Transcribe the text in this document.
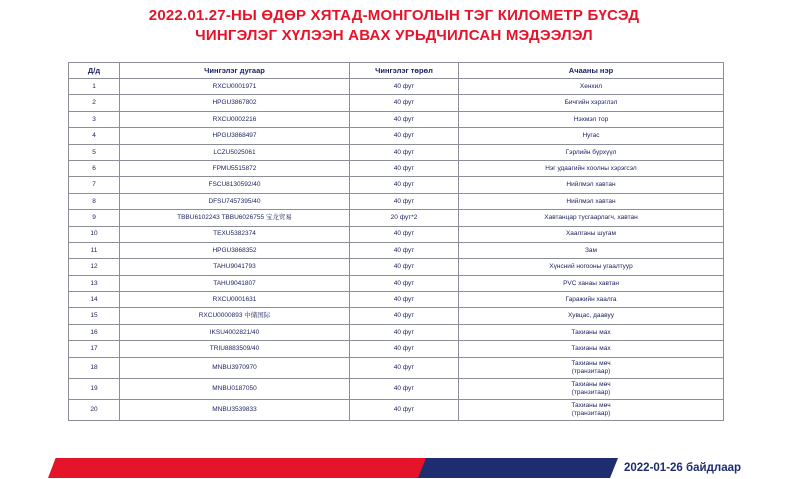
2022.01.27-НЫ ӨДӨР ХЯТАД-МОНГОЛЫН ТЭГ КИЛОМЕТР БҮСЭД
ЧИНГЭЛЭГ ХҮЛЭЭН АВАХ УРЬДЧИЛСАН МЭДЭЭЛЭЛ
Д/д	Чингэлэг дугаар	Чингэлэг төрөл	Ачааны нэр
1	RXCU0001971	40 фут	Хенхил
2	HPGU3867802	40 фут	Бичгийн хэрэглэл
3	RXCU0002216	40 фут	Нэхмэл тор
4	HPGU3868497	40 фут	Нугас
5	LCZU5025061	40 фут	Гэрлийн бүрхүүл
6	FPMU5515872	40 фут	Нэг удаагийн хоолны хэрэгсэл
7	FSCU8130592/40	40 фут	Нийлмэл хавтан
8	DFSU7457395/40	40 фут	Нийлмэл хавтан
9	TBBU6102243 TBBU6026755 宝龙贸易	20 фут*2	Хавтанцар тусгаарлагч, хавтан
10	TEXU5382374	40 фут	Хаалганы шугам
11	HPGU3868352	40 фут	Зам
12	TAHU9041793	40 фут	Хүнсний ногооны угаалтуур
13	TAHU9041807	40 фут	PVC ханаы хавтан
14	RXCU0001631	40 фут	Гаражийн хаалга
15	RXCU0000893 中储国际	40 фут	Хувцас, даавуу
16	IKSU4002821/40	40 фут	Тахианы мах
17	TRIU8883509/40	40 фут	Тахианы мах
18	MNBU3970970	40 фут	Тахианы мөч
(транзитаар)
19	MNBU0187050	40 фут	Тахианы мөч
(транзитаар)
20	MNBU3539833	40 фут	Тахианы мөч
(транзитаар)
2022-01-26 байдлаар
